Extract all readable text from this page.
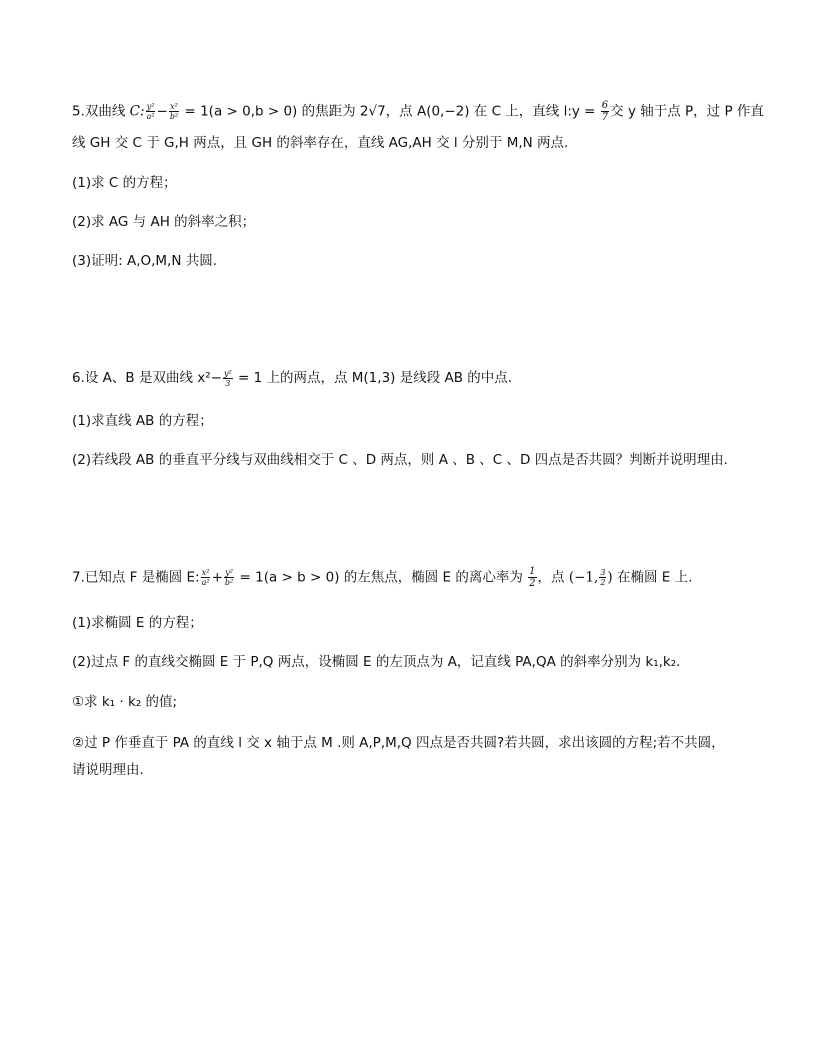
5.双曲线 C: $\frac{\text{y²}}{\text{a²}} - \frac{\text{x²}}{\text{b²}} = 1(a > 0,b > 0)$ 的焦距为 2√7，点 A(0,−2) 在 C 上，直线 l:y = $\frac{6}{7}$ 交 y 轴于点 P，过 P 作直
线 GH 交 C 于 G,H 两点，且 GH 的斜率存在，直线 AG,AH 交 l 分别于 M,N 两点.
(1)求 C 的方程；
(2)求 AG 与 AH 的斜率之积；
(3)证明: A,O,M,N 共圆.
6.设 A、B 是双曲线 $x^2- \frac{\text{y²}}{3} = 1$ 上的两点，点 M(1,3) 是线段 AB 的中点.
(1)求直线 AB 的方程；
(2)若线段 AB 的垂直平分线与双曲线相交于 C 、D 两点，则 A 、B 、C 、D 四点是否共圆？判断并说明理由.
7.已知点 F 是椭圆 E: $\frac{\text{x²}}{\text{a²}} + \frac{\text{y²}}{\text{b²}} = 1(a > b > 0)$ 的左焦点，椭圆 E 的离心率为 $\frac{1}{2}$ ，点 (−1, $\frac{3}{2}$ ) 在椭圆 E 上.
(1)求椭圆 E 的方程；
(2)过点 F 的直线交椭圆 E 于 P,Q 两点，设椭圆 E 的左顶点为 A，记直线 PA,QA 的斜率分别为 k₁,k₂.
①求 k₁ · k₂ 的值;
②过 P 作垂直于 PA 的直线 l 交 x 轴于点 M .则 A,P,M,Q 四点是否共圆?若共圆，求出该圆的方程;若不共圆，
请说明理由.
